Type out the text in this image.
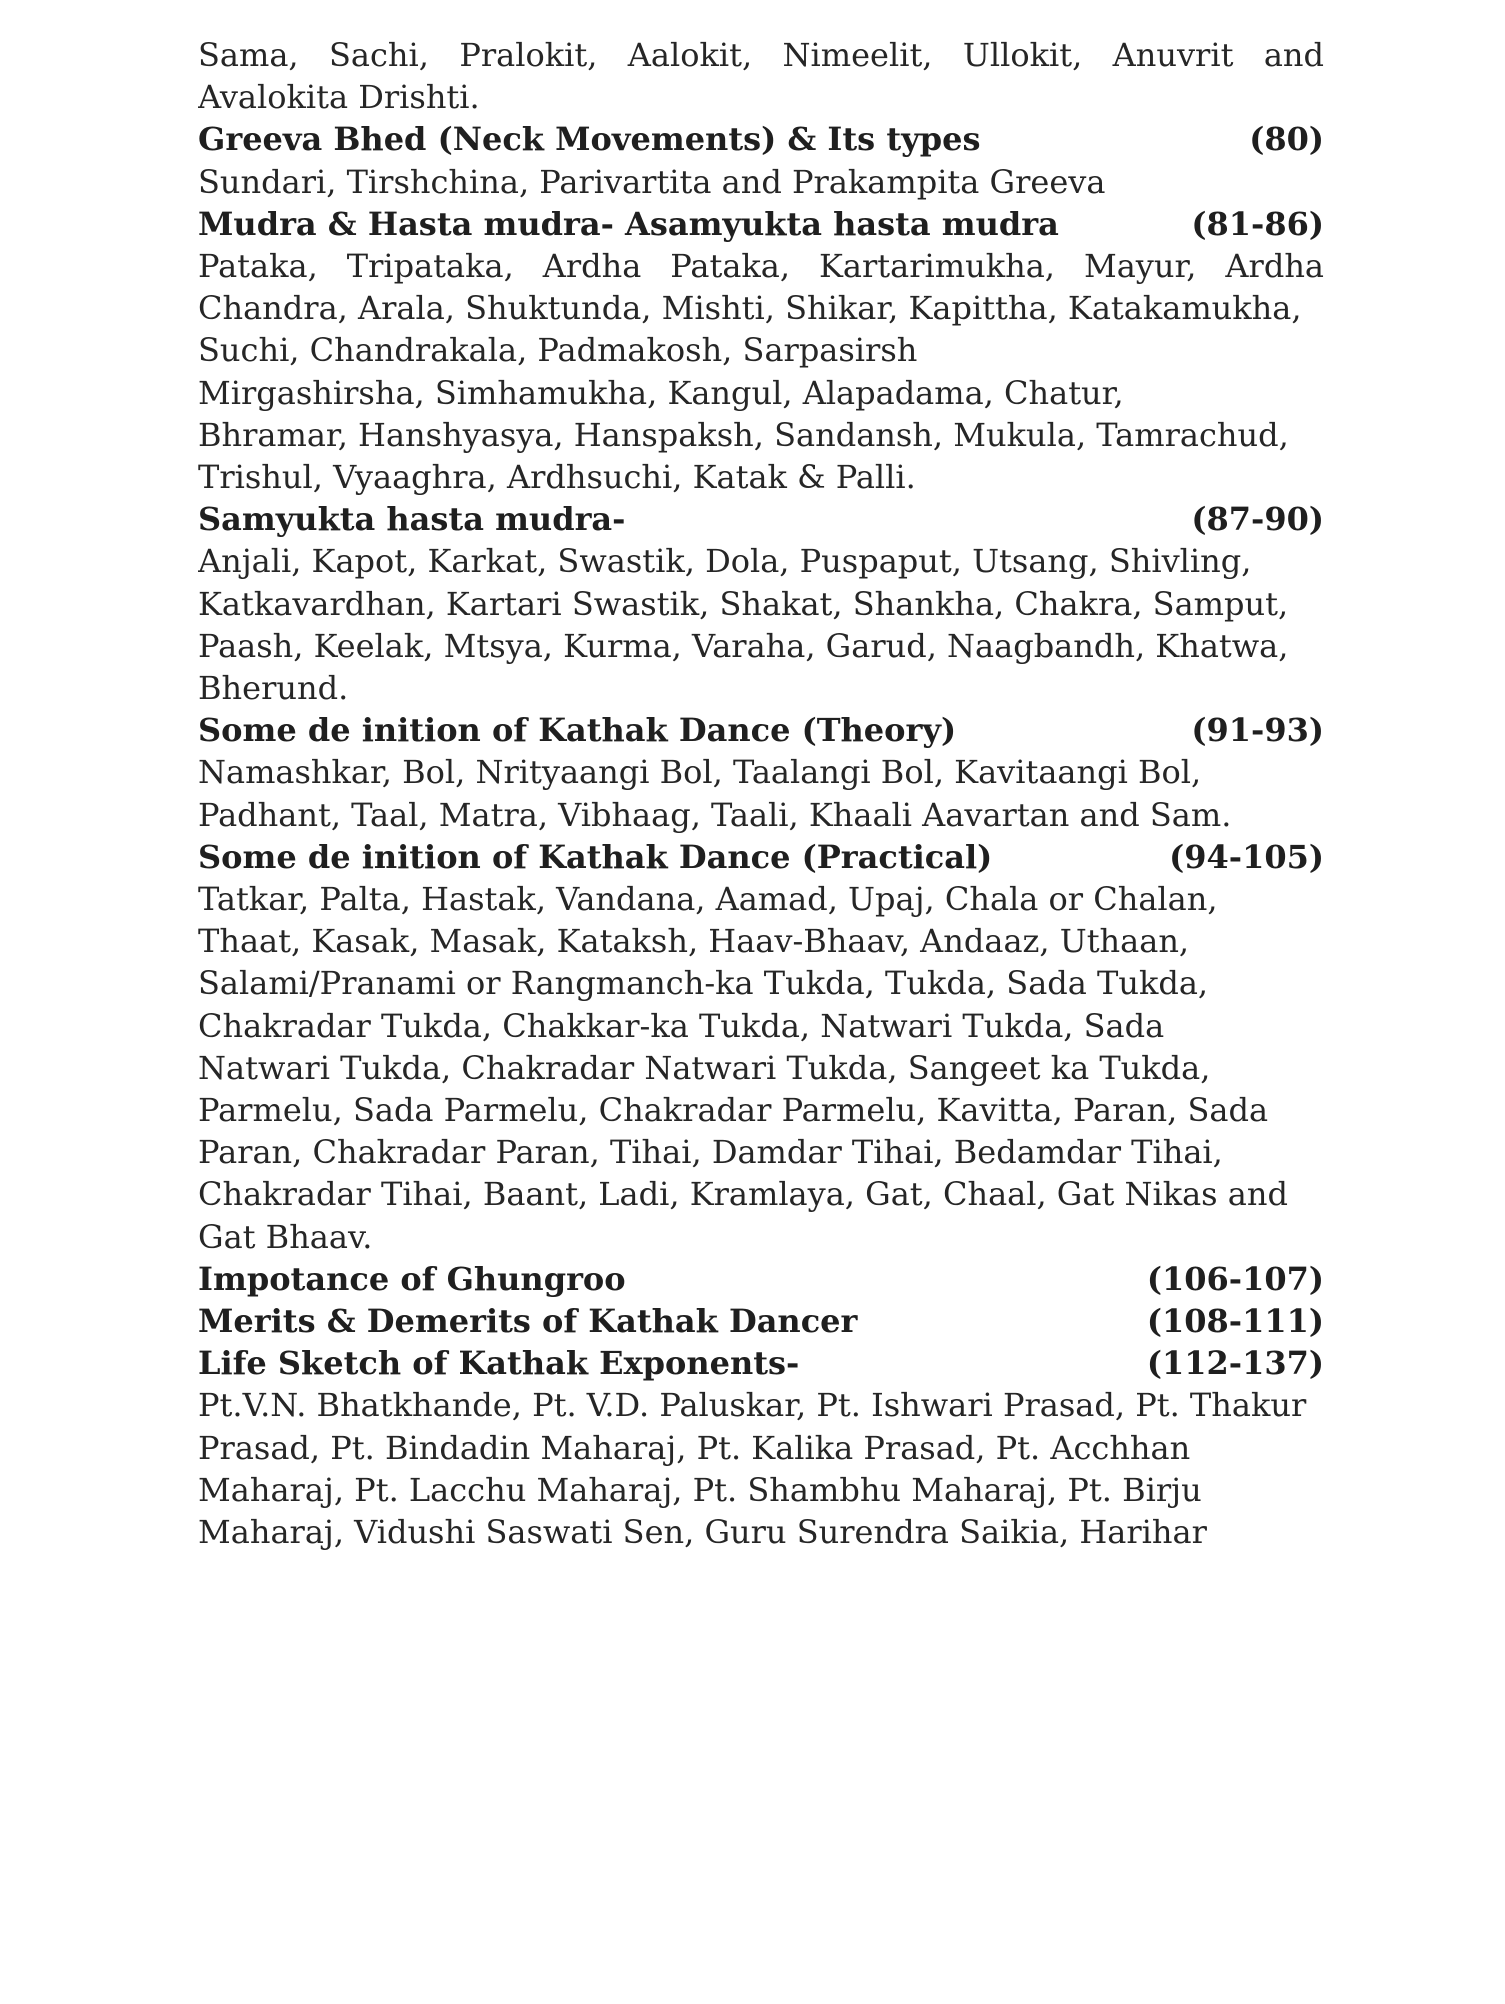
Sama, Sachi, Pralokit, Aalokit, Nimeelit, Ullokit, Anuvrit and
Avalokita Drishti.
Greeva Bhed (Neck Movements) & Its types	(80)
Sundari, Tirshchina, Parivartita and Prakampita Greeva
Mudra & Hasta mudra- Asamyukta hasta mudra	(81-86)
Pataka, Tripataka, Ardha Pataka, Kartarimukha, Mayur, Ardha
Chandra, Arala, Shuktunda, Mishti, Shikar, Kapittha, Katakamukha,
Suchi, Chandrakala, Padmakosh, Sarpasirsh
Mirgashirsha, Simhamukha, Kangul, Alapadama, Chatur,
Bhramar, Hanshyasya, Hanspaksh, Sandansh, Mukula, Tamrachud,
Trishul, Vyaaghra, Ardhsuchi, Katak & Palli.
Samyukta hasta mudra-	(87-90)
Anjali, Kapot, Karkat, Swastik, Dola, Puspaput, Utsang, Shivling,
Katkavardhan, Kartari Swastik, Shakat, Shankha, Chakra, Samput,
Paash, Keelak, Mtsya, Kurma, Varaha, Garud, Naagbandh, Khatwa,
Bherund.
Some de inition of Kathak Dance (Theory)	(91-93)
Namashkar, Bol, Nrityaangi Bol, Taalangi Bol, Kavitaangi Bol,
Padhant, Taal, Matra, Vibhaag, Taali, Khaali Aavartan and Sam.
Some de inition of Kathak Dance (Practical)	(94-105)
Tatkar, Palta, Hastak, Vandana, Aamad, Upaj, Chala or Chalan,
Thaat, Kasak, Masak, Kataksh, Haav-Bhaav, Andaaz, Uthaan,
Salami/Pranami or Rangmanch-ka Tukda, Tukda, Sada Tukda,
Chakradar Tukda, Chakkar-ka Tukda, Natwari Tukda, Sada
Natwari Tukda, Chakradar Natwari Tukda, Sangeet ka Tukda,
Parmelu, Sada Parmelu, Chakradar Parmelu, Kavitta, Paran, Sada
Paran, Chakradar Paran, Tihai, Damdar Tihai, Bedamdar Tihai,
Chakradar Tihai, Baant, Ladi, Kramlaya, Gat, Chaal, Gat Nikas and
Gat Bhaav.
Impotance of Ghungroo	(106-107)
Merits & Demerits of Kathak Dancer	(108-111)
Life Sketch of Kathak Exponents-	(112-137)
Pt.V.N. Bhatkhande, Pt. V.D. Paluskar, Pt. Ishwari Prasad, Pt. Thakur
Prasad, Pt. Bindadin Maharaj, Pt. Kalika Prasad, Pt. Acchhan
Maharaj, Pt. Lacchu Maharaj, Pt. Shambhu Maharaj, Pt. Birju
Maharaj, Vidushi Saswati Sen, Guru Surendra Saikia, Harihar
